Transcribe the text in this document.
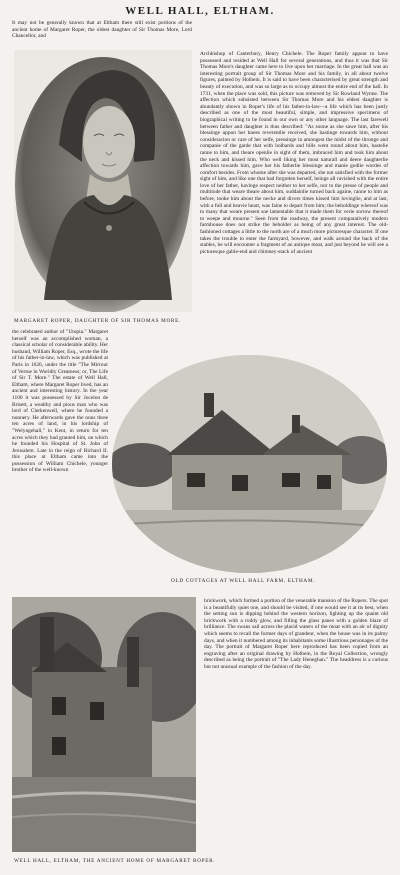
WELL HALL, ELTHAM.
It may not be generally known that at Eltham there still exist portions of the ancient home of Margaret Roper, the oldest daughter of Sir Thomas More, Lord Chancellor, and
MARGARET ROPER, DAUGHTER OF SIR THOMAS MORE.
the celebrated author of "Utopia." Margaret herself was an accomplished woman, a classical scholar of considerable ability. Her husband, William Roper, Esq., wrote the life of his father-in-law, which was published at Paris in 1626, under the title "The Mirrour of Vertue in Worldly Greatness; or, The Life of Sir T. More." The estate of Well Hall, Eltham, where Margaret Roper lived, has an ancient and interesting history. In the year 1100 it was possessed by Sir Jocelon de Brisett, a wealthy and pious man who was lord of Clerkenwell, where he founded a nunnery. He afterwards gave the nuns three ten acres of land, in his lordship of "Welyngehall," in Kent, in return for ten acres which they had granted him, on which he founded his Hospital of St. John of Jerusalem. Late in the reign of Richard II. this place at Eltham came into the possession of William Chichele, younger brother of the well-known
Archbishop of Canterbury, Henry Chichele. The Roper family appear to have possessed and resided at Well Hall for several generations, and thus it was that Sir Thomas More's daughter came here to live upon her marriage. In the great hall was an interesting portrait group of Sir Thomas More and his family, in all about twelve figures, painted by Holbein. It is said to have been characterised by great strength and beauty of execution, and was so large as to occupy almost the entire end of the hall. In 1731, when the place was sold, this picture was removed by Sir Rowland Wynne. The affection which subsisted between Sir Thomas More and his eldest daughter is abundantly shown in Roper's life of his father-in-law—a life which has been justly described as one of the most beautiful, simple, and impressive specimens of biographical writing to be found in our own or any other language. The last farewell between father and daughter is thus described: "As soone as she sawe him, after his blessinge uppon her knees reverentlie received, she hastinge towards him, without consideracion or care of her selfe, pressinge in amongest the midst of the thronge and companie of the garde that with holbards and bills went round about him, hastelie ranne to him, and theare openlie in sight of them, imbraced him and took him about the neck and kissed him. Who well liking her most naturall and deere daughterlie affection towards him, gave her his fatherlie blessinge and manie godlie wordes of comfort besides. From whome after she was departed, she not satisfied with the former sight of him, and like one that had forgotten herself, beinge all ravished with the entire love of her father, havinge respect neither to her selfe, nor to the presse of people and multitude that weare theare about him, suddainlie turned back againe, ranne to him as before, tooke him about the necke and divers times kissed him lovinglie, and at last, with a full and heavie heart, was faine to depart from him; the beholdinge whereof was to many that weare present soe lamentable that it made them for verie sorrow thereof to weepe and mourne." Seen from the roadway, the present comparatively modern farmhouse does not strike the beholder as being of any great interest. The old-fashioned cottages a little to the north are of a much more picturesque character. If one takes the trouble to enter the farmyard, however, and walk around the back of the stables, he will encounter a fragment of an antique moat, and just beyond he will see a picturesque gable-end and chimney-stack of ancient
OLD COTTAGES AT WELL HALL FARM, ELTHAM.
WELL HALL, ELTHAM, THE ANCIENT HOME OF MARGARET ROPER.
brickwork, which formed a portion of the venerable mansion of the Ropers. The spot is a beautifully quiet one, and should be visited, if one would see it at its best, when the setting sun is dipping behind the western horizon, lighting up the quaint old brickwork with a ruddy glow, and filling the glass panes with a golden blaze of brilliance. The swans sail across the placid waters of the moat with an air of dignity which seems to recall the former days of grandeur, when the house was in its palmy days, and when it numbered among its inhabitants some illustrious personages of the day. The portrait of Margaret Roper here reproduced has been copied from an engraving after an original drawing by Holbein, in the Royal Collection, wrongly described as being the portrait of "The Lady Heneghan." The headdress is a curious but not unusual example of the fashion of the day.
